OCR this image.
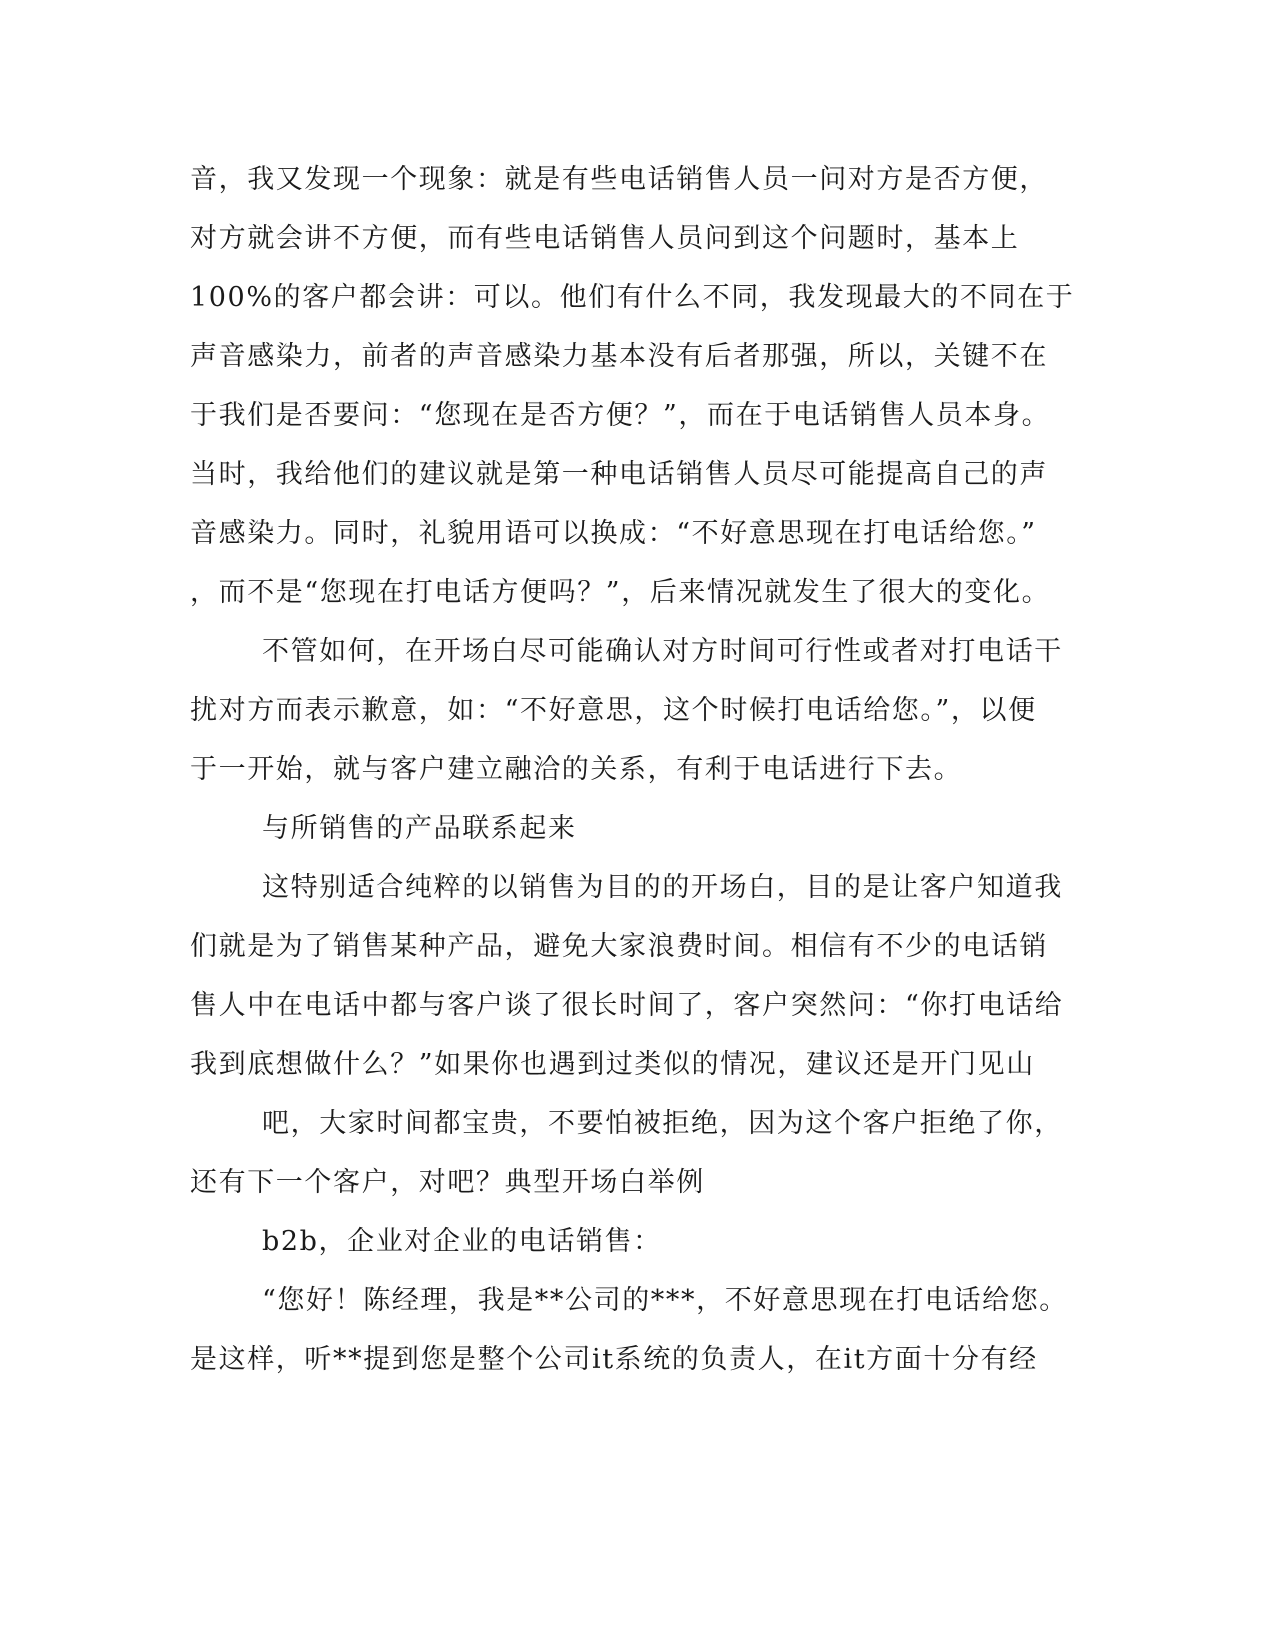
音，我又发现一个现象：就是有些电话销售人员一问对方是否方便，
对方就会讲不方便，而有些电话销售人员问到这个问题时，基本上
100%的客户都会讲：可以。他们有什么不同，我发现最大的不同在于
声音感染力，前者的声音感染力基本没有后者那强，所以，关键不在
于我们是否要问：“您现在是否方便？”，而在于电话销售人员本身。
当时，我给他们的建议就是第一种电话销售人员尽可能提高自己的声
音感染力。同时，礼貌用语可以换成：“不好意思现在打电话给您。”
，而不是“您现在打电话方便吗？”，后来情况就发生了很大的变化。
不管如何，在开场白尽可能确认对方时间可行性或者对打电话干
扰对方而表示歉意，如：“不好意思，这个时候打电话给您。”，以便
于一开始，就与客户建立融洽的关系，有利于电话进行下去。
与所销售的产品联系起来
这特别适合纯粹的以销售为目的的开场白，目的是让客户知道我
们就是为了销售某种产品，避免大家浪费时间。相信有不少的电话销
售人中在电话中都与客户谈了很长时间了，客户突然问：“你打电话给
我到底想做什么？”如果你也遇到过类似的情况，建议还是开门见山
吧，大家时间都宝贵，不要怕被拒绝，因为这个客户拒绝了你，
还有下一个客户，对吧？典型开场白举例
b2b，企业对企业的电话销售：
“您好！陈经理，我是**公司的***，不好意思现在打电话给您。
是这样，听**提到您是整个公司it系统的负责人，在it方面十分有经
